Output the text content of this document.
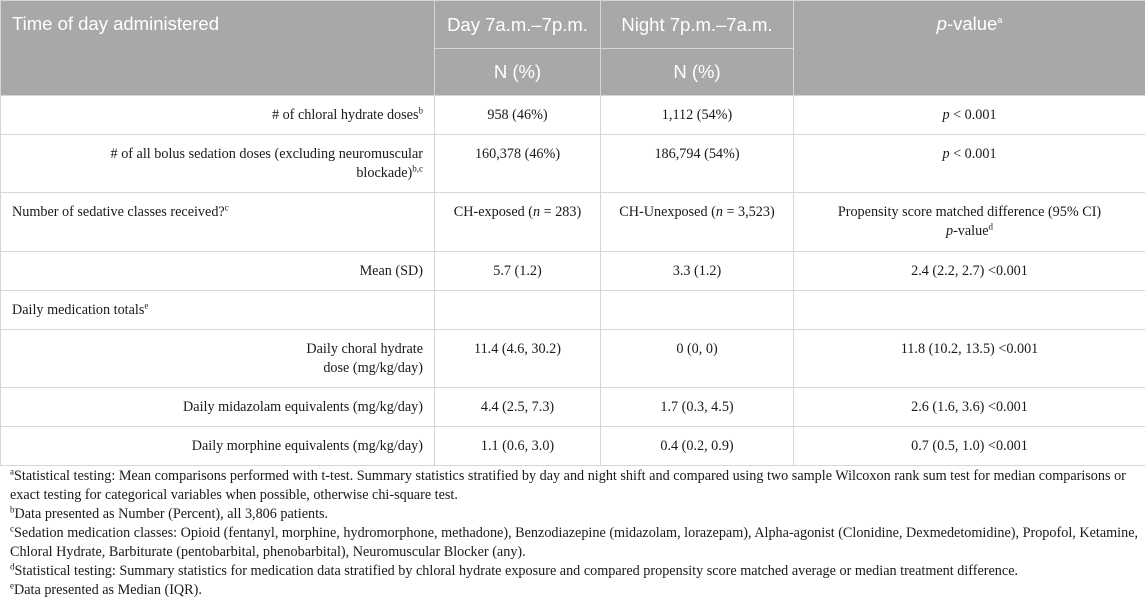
Time of day administered	Day 7a.m.–7p.m.	Night 7p.m.–7a.m.	p-value$^a$
	N (%)	N (%)	
# of chloral hydrate doses$^b$	958 (46%)	1,112 (54%)	p < 0.001
# of all bolus sedation doses (excluding neuromuscular
blockade)$^{b,c}$	160,378 (46%)	186,794 (54%)	p < 0.001
Number of sedative classes received?$^c$	CH-exposed (n = 283)	CH-Unexposed (n = 3,523)	Propensity score matched difference (95% CI)
p-value$^d$
Mean (SD)	5.7 (1.2)	3.3 (1.2)	2.4 (2.2, 2.7) <0.001
Daily medication totals$^e$			
Daily choral hydrate
dose (mg/kg/day)	11.4 (4.6, 30.2)	0 (0, 0)	11.8 (10.2, 13.5) <0.001
Daily midazolam equivalents (mg/kg/day)	4.4 (2.5, 7.3)	1.7 (0.3, 4.5)	2.6 (1.6, 3.6) <0.001
Daily morphine equivalents (mg/kg/day)	1.1 (0.6, 3.0)	0.4 (0.2, 0.9)	0.7 (0.5, 1.0) <0.001

$^a$Statistical testing: Mean comparisons performed with t-test. Summary statistics stratified by day and night shift and compared using two sample Wilcoxon rank sum test for median comparisons or exact testing for categorical variables when possible, otherwise chi-square test.

$^b$Data presented as Number (Percent), all 3,806 patients.

$^c$Sedation medication classes: Opioid (fentanyl, morphine, hydromorphone, methadone), Benzodiazepine (midazolam, lorazepam), Alpha-agonist (Clonidine, Dexmedetomidine), Propofol, Ketamine, Chloral Hydrate, Barbiturate (pentobarbital, phenobarbital), Neuromuscular Blocker (any).

$^d$Statistical testing: Summary statistics for medication data stratified by chloral hydrate exposure and compared propensity score matched average or median treatment difference.

$^e$Data presented as Median (IQR).
